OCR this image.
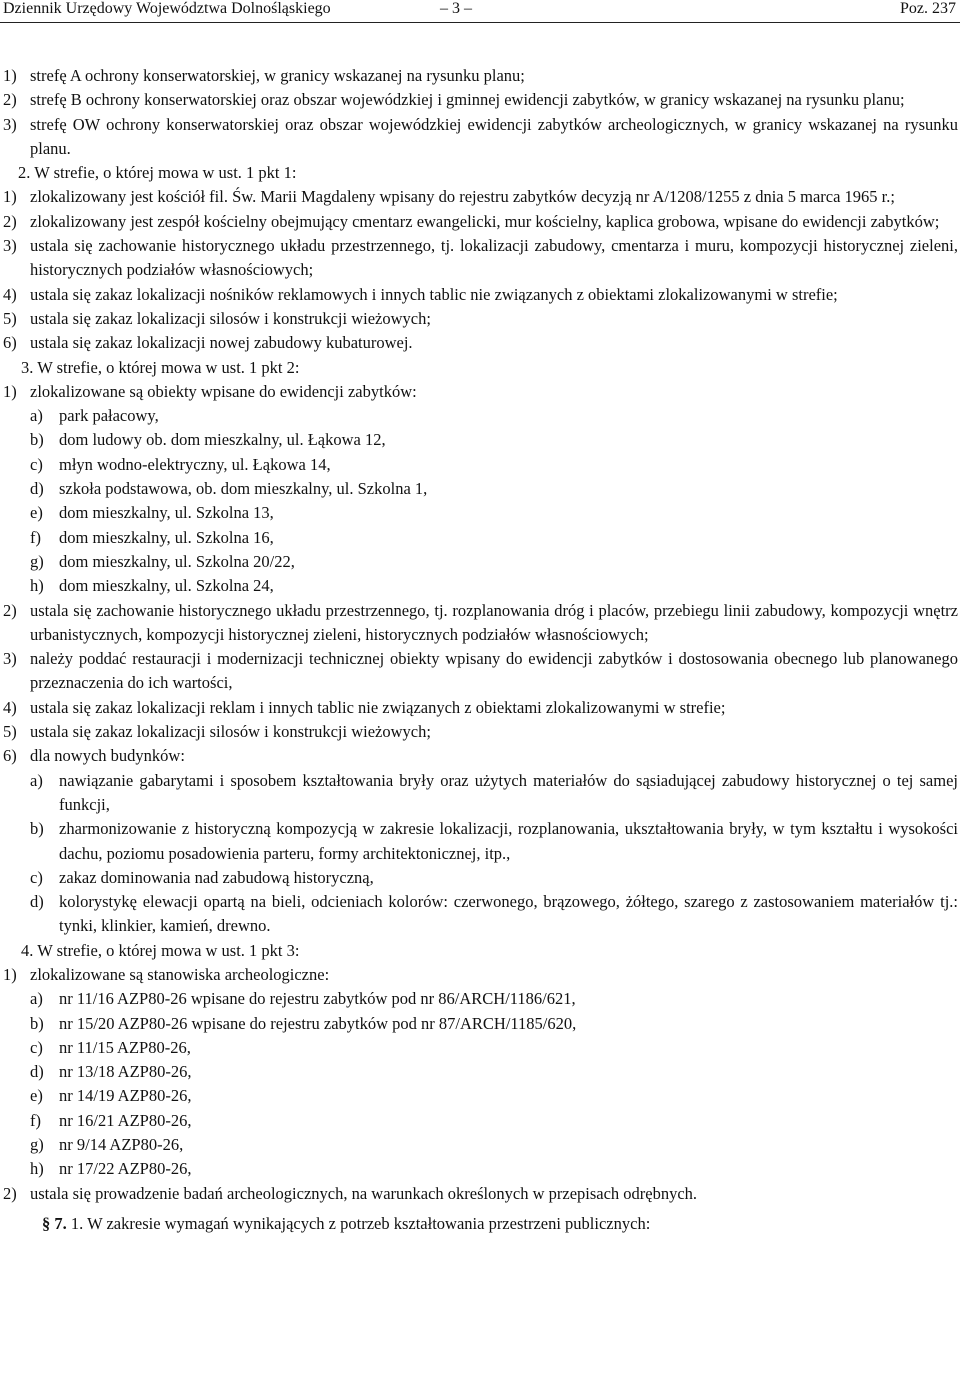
Dziennik Urzędowy Województwa Dolnośląskiego	– 3 –	Poz. 237
1) strefę A ochrony konserwatorskiej, w granicy wskazanej na rysunku planu;
2) strefę B ochrony konserwatorskiej oraz obszar wojewódzkiej i gminnej ewidencji zabytków, w granicy wskazanej na rysunku planu;
3) strefę OW ochrony konserwatorskiej oraz obszar wojewódzkiej ewidencji zabytków archeologicznych, w granicy wskazanej na rysunku planu.
2. W strefie, o której mowa w ust. 1 pkt 1:
1) zlokalizowany jest kościół fil. Św. Marii Magdaleny wpisany do rejestru zabytków decyzją nr A/1208/1255 z dnia 5 marca 1965 r.;
2) zlokalizowany jest zespół kościelny obejmujący cmentarz ewangelicki, mur kościelny, kaplica grobowa, wpisane do ewidencji zabytków;
3) ustala się zachowanie historycznego układu przestrzennego, tj. lokalizacji zabudowy, cmentarza i muru, kompozycji historycznej zieleni, historycznych podziałów własnościowych;
4) ustala się zakaz lokalizacji nośników reklamowych i innych tablic nie związanych z obiektami zlokalizowanymi w strefie;
5) ustala się zakaz lokalizacji silosów i konstrukcji wieżowych;
6) ustala się zakaz lokalizacji nowej zabudowy kubaturowej.
3. W strefie, o której mowa w ust. 1 pkt 2:
1) zlokalizowane są obiekty wpisane do ewidencji zabytków:
a) park pałacowy,
b) dom ludowy ob. dom mieszkalny, ul. Łąkowa 12,
c) młyn wodno-elektryczny, ul. Łąkowa 14,
d) szkoła podstawowa, ob. dom mieszkalny, ul. Szkolna 1,
e) dom mieszkalny, ul. Szkolna 13,
f)	dom mieszkalny, ul. Szkolna 16,
g) dom mieszkalny, ul. Szkolna 20/22,
h) dom mieszkalny, ul. Szkolna 24,
2) ustala się zachowanie historycznego układu przestrzennego, tj. rozplanowania dróg i placów, przebiegu linii zabudowy, kompozycji wnętrz urbanistycznych, kompozycji historycznej zieleni, historycznych podziałów własnościowych;
3) należy poddać restauracji i modernizacji technicznej obiekty wpisany do ewidencji zabytków i dostosowania obecnego lub planowanego przeznaczenia do ich wartości,
4) ustala się zakaz lokalizacji reklam i innych tablic nie związanych z obiektami zlokalizowanymi w strefie;
5) ustala się zakaz lokalizacji silosów i konstrukcji wieżowych;
6) dla nowych budynków:
a) nawiązanie gabarytami i sposobem kształtowania bryły oraz użytych materiałów do sąsiadującej zabudowy historycznej o tej samej funkcji,
b) zharmonizowanie z historyczną kompozycją w zakresie lokalizacji, rozplanowania, ukształtowania bryły, w tym kształtu i wysokości dachu, poziomu posadowienia parteru, formy architektonicznej, itp.,
c) zakaz dominowania nad zabudową historyczną,
d) kolorystykę elewacji opartą na bieli, odcieniach kolorów: czerwonego, brązowego, żółtego, szarego z zastosowaniem materiałów tj.: tynki, klinkier, kamień, drewno.
4. W strefie, o której mowa w ust. 1 pkt 3:
1) zlokalizowane są stanowiska archeologiczne:
a) nr 11/16 AZP80-26 wpisane do rejestru zabytków pod nr 86/ARCH/1186/621,
b) nr 15/20 AZP80-26 wpisane do rejestru zabytków pod nr 87/ARCH/1185/620,
c) nr 11/15 AZP80-26,
d) nr 13/18 AZP80-26,
e) nr 14/19 AZP80-26,
f)	nr 16/21 AZP80-26,
g) nr 9/14 AZP80-26,
h) nr 17/22 AZP80-26,
2) ustala się prowadzenie badań archeologicznych, na warunkach określonych w przepisach odrębnych.
§ 7. 1. W zakresie wymagań wynikających z potrzeb kształtowania przestrzeni publicznych:
